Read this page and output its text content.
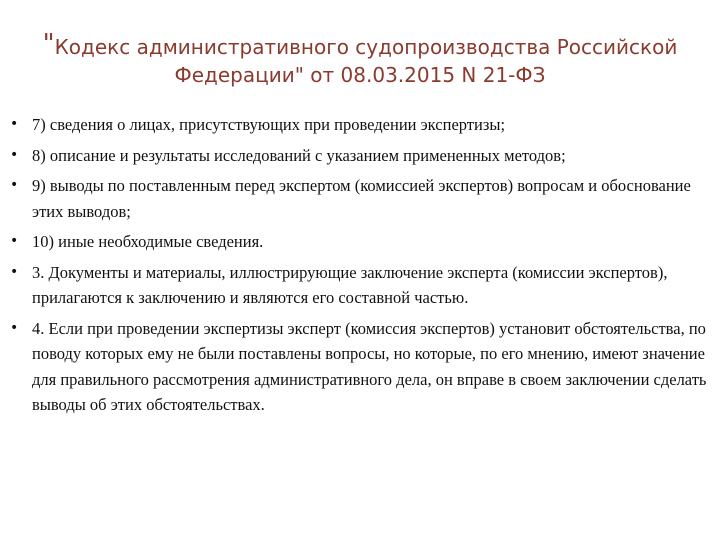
"Кодекс административного судопроизводства Российской Федерации" от 08.03.2015 N 21-ФЗ
• 7) сведения о лицах, присутствующих при проведении экспертизы;
• 8) описание и результаты исследований с указанием примененных методов;
• 9) выводы по поставленным перед экспертом (комиссией экспертов) вопросам и обоснование этих выводов;
• 10) иные необходимые сведения.
• 3. Документы и материалы, иллюстрирующие заключение эксперта (комиссии экспертов), прилагаются к заключению и являются его составной частью.
• 4. Если при проведении экспертизы эксперт (комиссия экспертов) установит обстоятельства, по поводу которых ему не были поставлены вопросы, но которые, по его мнению, имеют значение для правильного рассмотрения административного дела, он вправе в своем заключении сделать выводы об этих обстоятельствах.
